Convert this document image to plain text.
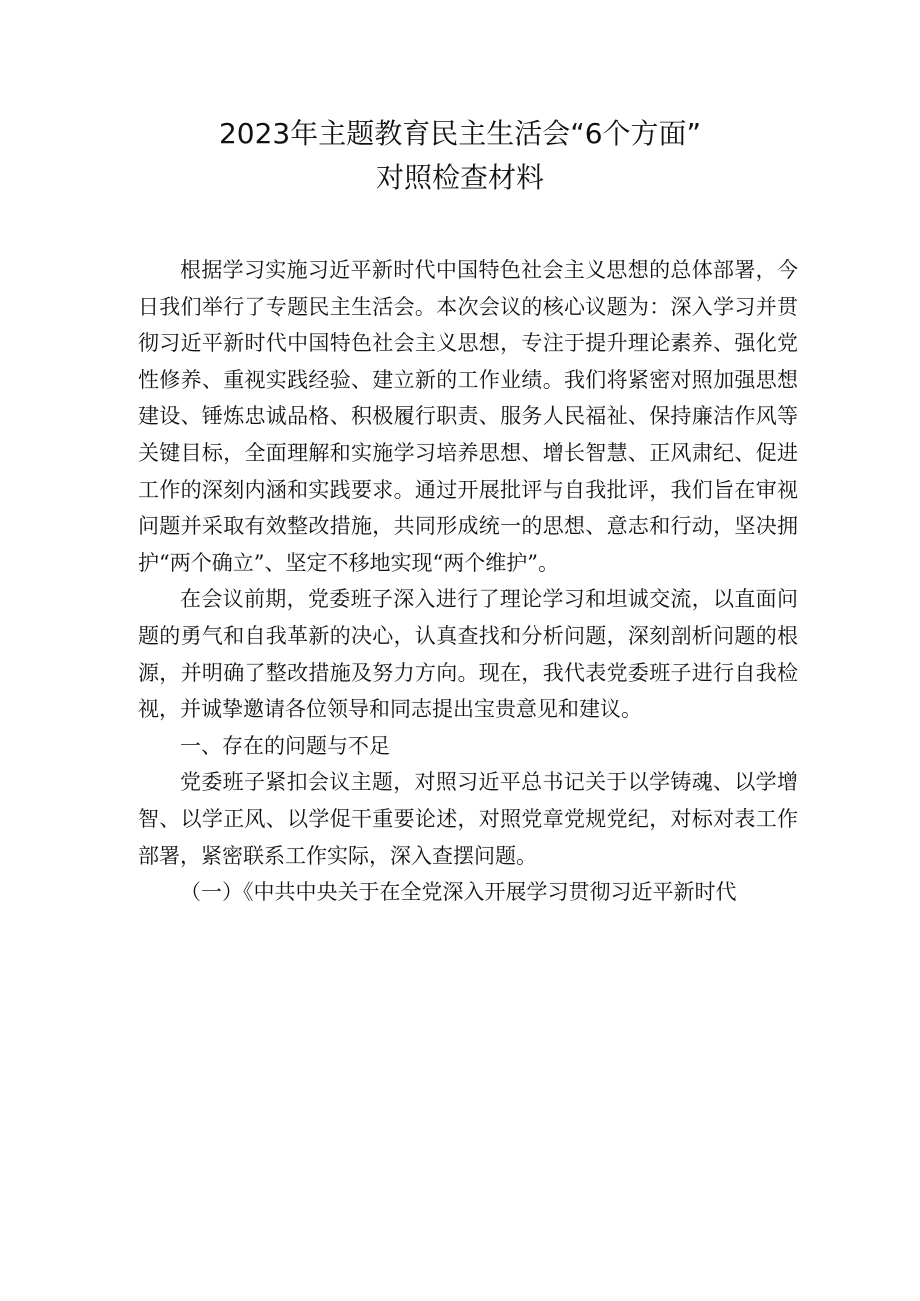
2023年主题教育民主生活会“6个方面”
对照检查材料

根据学习实施习近平新时代中国特色社会主义思想的总体部署，今日我们举行了专题民主生活会。本次会议的核心议题为：深入学习并贯彻习近平新时代中国特色社会主义思想，专注于提升理论素养、强化党性修养、重视实践经验、建立新的工作业绩。我们将紧密对照加强思想建设、锤炼忠诚品格、积极履行职责、服务人民福祉、保持廉洁作风等关键目标，全面理解和实施学习培养思想、增长智慧、正风肃纪、促进工作的深刻内涵和实践要求。通过开展批评与自我批评，我们旨在审视问题并采取有效整改措施，共同形成统一的思想、意志和行动，坚决拥护“两个确立”、坚定不移地实现“两个维护”。

在会议前期，党委班子深入进行了理论学习和坦诚交流，以直面问题的勇气和自我革新的决心，认真查找和分析问题，深刻剖析问题的根源，并明确了整改措施及努力方向。现在，我代表党委班子进行自我检视，并诚挚邀请各位领导和同志提出宝贵意见和建议。

一、存在的问题与不足

党委班子紧扣会议主题，对照习近平总书记关于以学铸魂、以学增智、以学正风、以学促干重要论述，对照党章党规党纪，对标对表工作部署，紧密联系工作实际，深入查摆问题。

（一）《中共中央关于在全党深入开展学习贯彻习近平新时代
